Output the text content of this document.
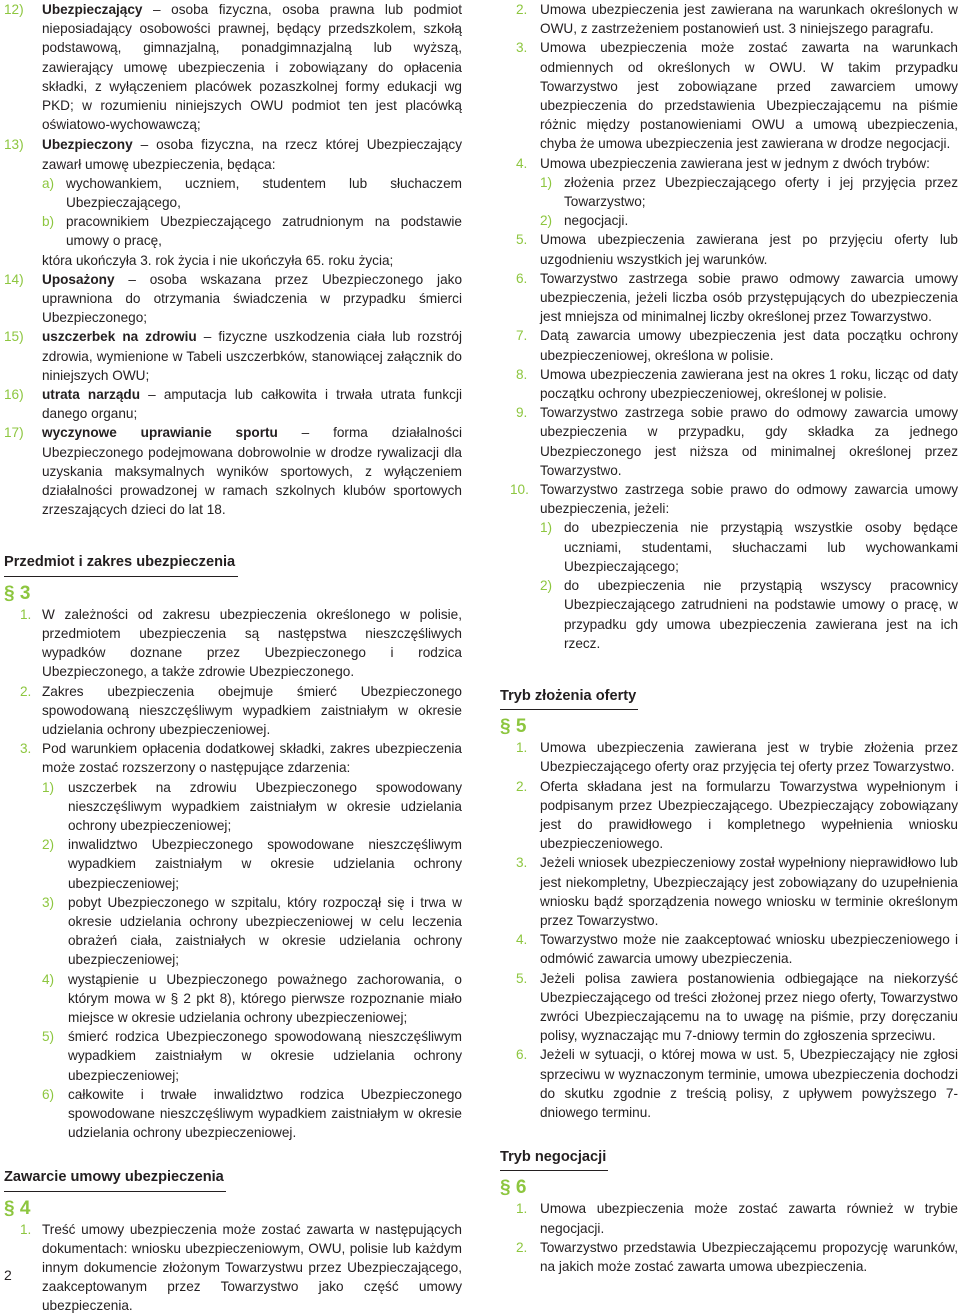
12) Ubezpieczający – osoba fizyczna, osoba prawna lub podmiot nieposiadający osobowości prawnej, będący przedszkolem, szkołą podstawową, gimnazjalną, ponadgimnazjalną lub wyższą, zawierający umowę ubezpieczenia i zobowiązany do opłacenia składki, z wyłączeniem placówek pozaszkolnej formy edukacji wg PKD; w rozumieniu niniejszych OWU podmiot ten jest placówką oświatowo-wychowawczą;
13) Ubezpieczony – osoba fizyczna, na rzecz której Ubezpieczający zawarł umowę ubezpieczenia, będąca:
a) wychowankiem, uczniem, studentem lub słuchaczem Ubezpieczającego,
b) pracownikiem Ubezpieczającego zatrudnionym na podstawie umowy o pracę,
która ukończyła 3. rok życia i nie ukończyła 65. roku życia;
14) Uposażony – osoba wskazana przez Ubezpieczonego jako uprawniona do otrzymania świadczenia w przypadku śmierci Ubezpieczonego;
15) uszczerbek na zdrowiu – fizyczne uszkodzenia ciała lub rozstrój zdrowia, wymienione w Tabeli uszczerbków, stanowiącej załącznik do niniejszych OWU;
16) utrata narządu – amputacja lub całkowita i trwała utrata funkcji danego organu;
17) wyczynowe uprawianie sportu – forma działalności Ubezpieczonego podejmowana dobrowolnie w drodze rywalizacji dla uzyskania maksymalnych wyników sportowych, z wyłączeniem działalności prowadzonej w ramach szkolnych klubów sportowych zrzeszających dzieci do lat 18.
Przedmiot i zakres ubezpieczenia
§ 3
1. W zależności od zakresu ubezpieczenia określonego w polisie, przedmiotem ubezpieczenia są następstwa nieszczęśliwych wypadków doznane przez Ubezpieczonego i rodzica Ubezpieczonego, a także zdrowie Ubezpieczonego.
2. Zakres ubezpieczenia obejmuje śmierć Ubezpieczonego spowodowaną nieszczęśliwym wypadkiem zaistniałym w okresie udzielania ochrony ubezpieczeniowej.
3. Pod warunkiem opłacenia dodatkowej składki, zakres ubezpieczenia może zostać rozszerzony o następujące zdarzenia:
1) uszczerbek na zdrowiu Ubezpieczonego spowodowany nieszczęśliwym wypadkiem zaistniałym w okresie udzielania ochrony ubezpieczeniowej;
2) inwalidztwo Ubezpieczonego spowodowane nieszczęśliwym wypadkiem zaistniałym w okresie udzielania ochrony ubezpieczeniowej;
3) pobyt Ubezpieczonego w szpitalu, który rozpoczął się i trwa w okresie udzielania ochrony ubezpieczeniowej w celu leczenia obrażeń ciała, zaistniałych w okresie udzielania ochrony ubezpieczeniowej;
4) wystąpienie u Ubezpieczonego poważnego zachorowania, o którym mowa w § 2 pkt 8), którego pierwsze rozpoznanie miało miejsce w okresie udzielania ochrony ubezpieczeniowej;
5) śmierć rodzica Ubezpieczonego spowodowaną nieszczęśliwym wypadkiem zaistniałym w okresie udzielania ochrony ubezpieczeniowej;
6) całkowite i trwałe inwalidztwo rodzica Ubezpieczonego spowodowane nieszczęśliwym wypadkiem zaistniałym w okresie udzielania ochrony ubezpieczeniowej.
Zawarcie umowy ubezpieczenia
§ 4
1. Treść umowy ubezpieczenia może zostać zawarta w następujących dokumentach: wniosku ubezpieczeniowym, OWU, polisie lub każdym innym dokumencie złożonym Towarzystwu przez Ubezpieczającego, zaakceptowanym przez Towarzystwo jako część umowy ubezpieczenia.
2. Umowa ubezpieczenia jest zawierana na warunkach określonych w OWU, z zastrzeżeniem postanowień ust. 3 niniejszego paragrafu.
3. Umowa ubezpieczenia może zostać zawarta na warunkach odmiennych od określonych w OWU. W takim przypadku Towarzystwo jest zobowiązane przed zawarciem umowy ubezpieczenia do przedstawienia Ubezpieczającemu na piśmie różnic między postanowieniami OWU a umową ubezpieczenia, chyba że umowa ubezpieczenia jest zawierana w drodze negocjacji.
4. Umowa ubezpieczenia zawierana jest w jednym z dwóch trybów:
1) złożenia przez Ubezpieczającego oferty i jej przyjęcia przez Towarzystwo;
2) negocjacji.
5. Umowa ubezpieczenia zawierana jest po przyjęciu oferty lub uzgodnieniu wszystkich jej warunków.
6. Towarzystwo zastrzega sobie prawo odmowy zawarcia umowy ubezpieczenia, jeżeli liczba osób przystępujących do ubezpieczenia jest mniejsza od minimalnej liczby określonej przez Towarzystwo.
7. Datą zawarcia umowy ubezpieczenia jest data początku ochrony ubezpieczeniowej, określona w polisie.
8. Umowa ubezpieczenia zawierana jest na okres 1 roku, licząc od daty początku ochrony ubezpieczeniowej, określonej w polisie.
9. Towarzystwo zastrzega sobie prawo do odmowy zawarcia umowy ubezpieczenia w przypadku, gdy składka za jednego Ubezpieczonego jest niższa od minimalnej określonej przez Towarzystwo.
10. Towarzystwo zastrzega sobie prawo do odmowy zawarcia umowy ubezpieczenia, jeżeli:
1) do ubezpieczenia nie przystąpią wszystkie osoby będące uczniami, studentami, słuchaczami lub wychowankami Ubezpieczającego;
2) do ubezpieczenia nie przystąpią wszyscy pracownicy Ubezpieczającego zatrudnieni na podstawie umowy o pracę, w przypadku gdy umowa ubezpieczenia zawierana jest na ich rzecz.
Tryb złożenia oferty
§ 5
1. Umowa ubezpieczenia zawierana jest w trybie złożenia przez Ubezpieczającego oferty oraz przyjęcia tej oferty przez Towarzystwo.
2. Oferta składana jest na formularzu Towarzystwa wypełnionym i podpisanym przez Ubezpieczającego. Ubezpieczający zobowiązany jest do prawidłowego i kompletnego wypełnienia wniosku ubezpieczeniowego.
3. Jeżeli wniosek ubezpieczeniowy został wypełniony nieprawidłowo lub jest niekompletny, Ubezpieczający jest zobowiązany do uzupełnienia wniosku bądź sporządzenia nowego wniosku w terminie określonym przez Towarzystwo.
4. Towarzystwo może nie zaakceptować wniosku ubezpieczeniowego i odmówić zawarcia umowy ubezpieczenia.
5. Jeżeli polisa zawiera postanowienia odbiegające na niekorzyść Ubezpieczającego od treści złożonej przez niego oferty, Towarzystwo zwróci Ubezpieczającemu na to uwagę na piśmie, przy doręczaniu polisy, wyznaczając mu 7-dniowy termin do zgłoszenia sprzeciwu.
6. Jeżeli w sytuacji, o której mowa w ust. 5, Ubezpieczający nie zgłosi sprzeciwu w wyznaczonym terminie, umowa ubezpieczenia dochodzi do skutku zgodnie z treścią polisy, z upływem powyższego 7-dniowego terminu.
Tryb negocjacji
§ 6
1. Umowa ubezpieczenia może zostać zawarta również w trybie negocjacji.
2. Towarzystwo przedstawia Ubezpieczającemu propozycję warunków, na jakich może zostać zawarta umowa ubezpieczenia.
2
